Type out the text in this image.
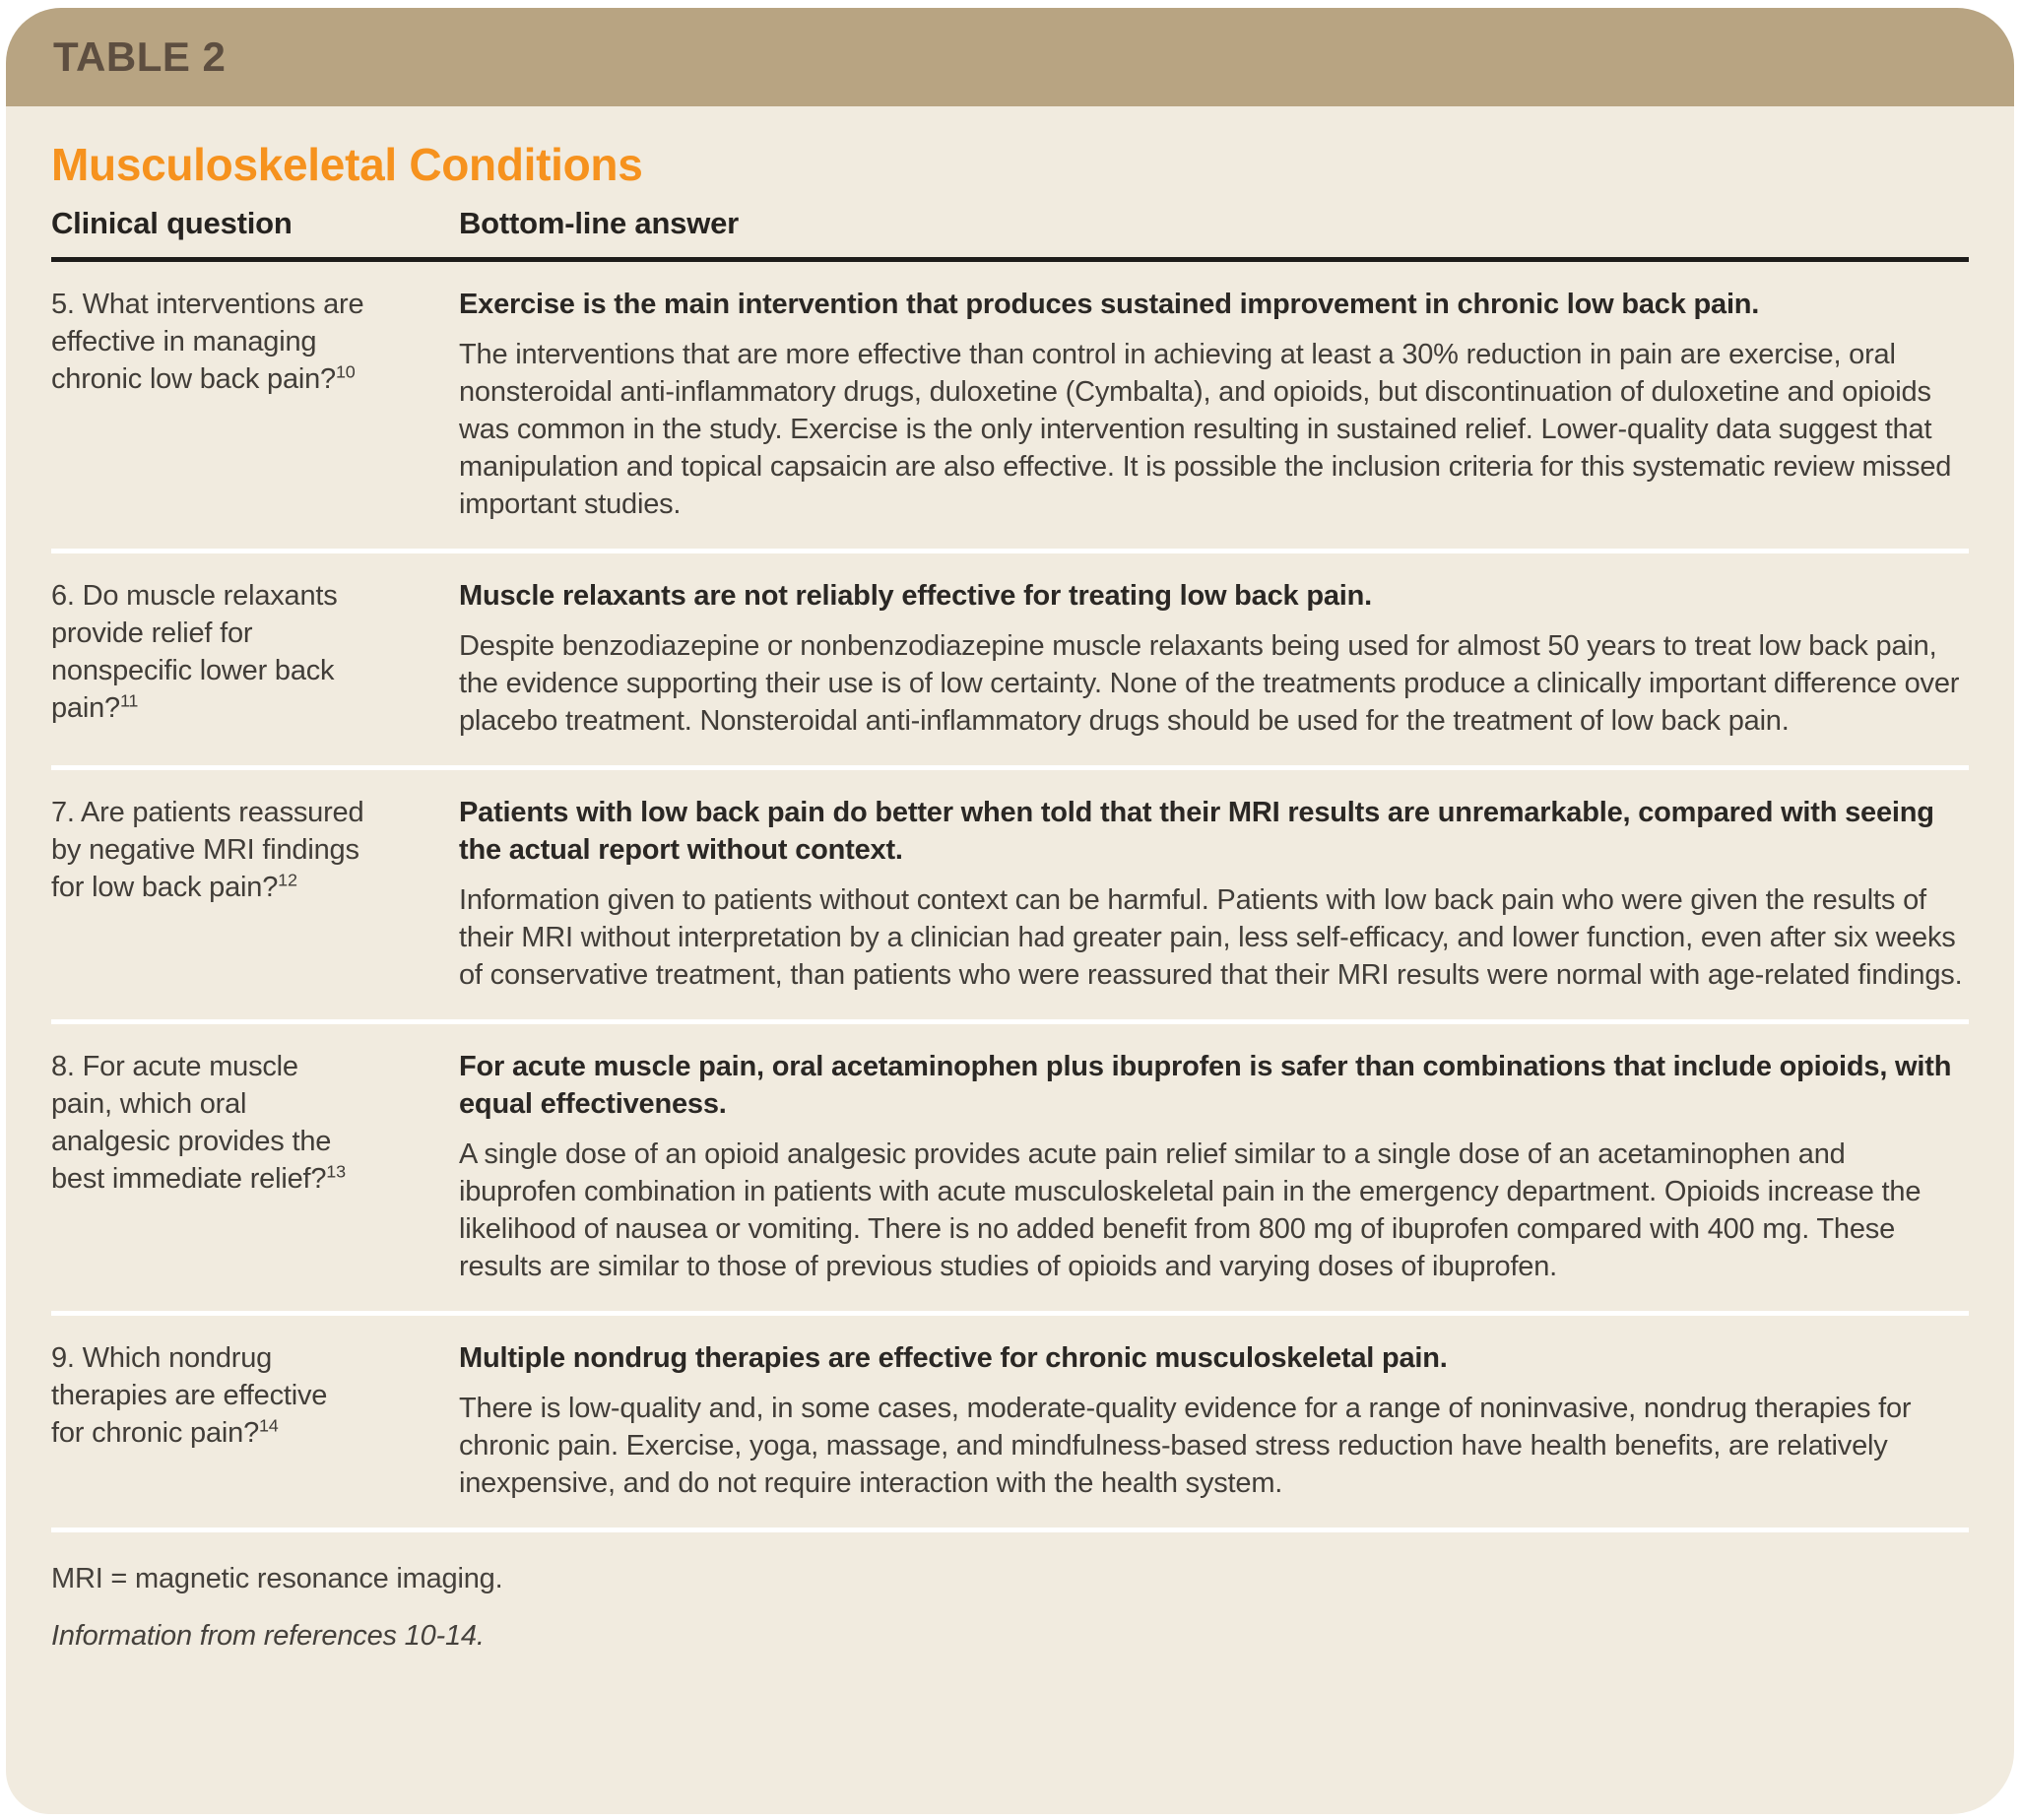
TABLE 2
Musculoskeletal Conditions
Clinical question	Bottom-line answer
5. What interventions are effective in managing chronic low back pain?$^{10}$

Exercise is the main intervention that produces sustained improvement in chronic low back pain.

The interventions that are more effective than control in achieving at least a 30% reduction in pain are exercise, oral nonsteroidal anti-inflammatory drugs, duloxetine (Cymbalta), and opioids, but discontinuation of duloxetine and opioids was common in the study. Exercise is the only intervention resulting in sustained relief. Lower-quality data suggest that manipulation and topical capsaicin are also effective. It is possible the inclusion criteria for this systematic review missed important studies.

6. Do muscle relaxants provide relief for nonspecific lower back pain?$^{11}$

Muscle relaxants are not reliably effective for treating low back pain.

Despite benzodiazepine or nonbenzodiazepine muscle relaxants being used for almost 50 years to treat low back pain, the evidence supporting their use is of low certainty. None of the treatments produce a clinically important difference over placebo treatment. Nonsteroidal anti-inflammatory drugs should be used for the treatment of low back pain.

7. Are patients reassured by negative MRI findings for low back pain?$^{12}$

Patients with low back pain do better when told that their MRI results are unremarkable, compared with seeing the actual report without context.

Information given to patients without context can be harmful. Patients with low back pain who were given the results of their MRI without interpretation by a clinician had greater pain, less self-efficacy, and lower function, even after six weeks of conservative treatment, than patients who were reassured that their MRI results were normal with age-related findings.

8. For acute muscle pain, which oral analgesic provides the best immediate relief?$^{13}$

For acute muscle pain, oral acetaminophen plus ibuprofen is safer than combinations that include opioids, with equal effectiveness.

A single dose of an opioid analgesic provides acute pain relief similar to a single dose of an acetaminophen and ibuprofen combination in patients with acute musculoskeletal pain in the emergency department. Opioids increase the likelihood of nausea or vomiting. There is no added benefit from 800 mg of ibuprofen compared with 400 mg. These results are similar to those of previous studies of opioids and varying doses of ibuprofen.

9. Which nondrug therapies are effective for chronic pain?$^{14}$

Multiple nondrug therapies are effective for chronic musculoskeletal pain.

There is low-quality and, in some cases, moderate-quality evidence for a range of noninvasive, nondrug therapies for chronic pain. Exercise, yoga, massage, and mindfulness-based stress reduction have health benefits, are relatively inexpensive, and do not require interaction with the health system.

MRI = magnetic resonance imaging.

Information from references 10-14.
